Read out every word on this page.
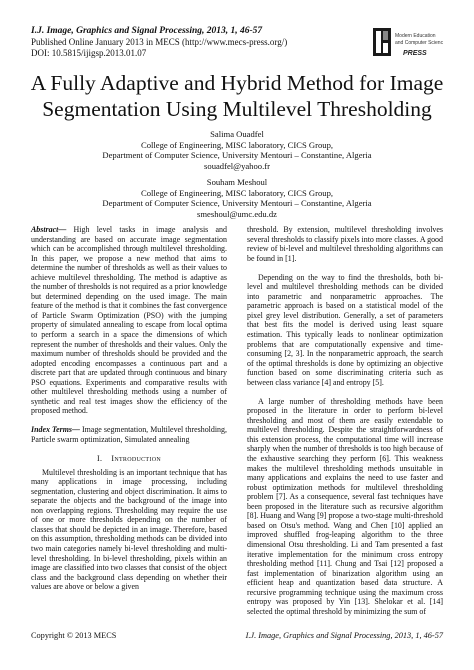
I.J. Image, Graphics and Signal Processing, 2013, 1, 46-57
Published Online January 2013 in MECS (http://www.mecs-press.org/)
DOI: 10.5815/ijigsp.2013.01.07
Modern Education
and Computer Science
PRESS
A Fully Adaptive and Hybrid Method for Image
Segmentation Using Multilevel Thresholding
Salima Ouadfel
College of Engineering, MISC laboratory, CICS Group,
Department of Computer Science, University Mentouri – Constantine, Algeria
souadfel@yahoo.fr
Souham Meshoul
College of Engineering, MISC laboratory, CICS Group,
Department of Computer Science, University Mentouri – Constantine, Algeria
smeshoul@umc.edu.dz

Abstract— High level tasks in image analysis and understanding are based on accurate image segmentation which can be accomplished through multilevel thresholding. In this paper, we propose a new method that aims to determine the number of thresholds as well as their values to achieve multilevel thresholding. The method is adaptive as the number of thresholds is not required as a prior knowledge but determined depending on the used image. The main feature of the method is that it combines the fast convergence of Particle Swarm Optimization (PSO) with the jumping property of simulated annealing to escape from local optima to perform a search in a space the dimensions of which represent the number of thresholds and their values. Only the maximum number of thresholds should be provided and the adopted encoding encompasses a continuous part and a discrete part that are updated through continuous and binary PSO equations. Experiments and comparative results with other multilevel thresholding methods using a number of synthetic and real test images show the efficiency of the proposed method.

Index Terms— Image segmentation, Multilevel thresholding, Particle swarm optimization, Simulated annealing

I. Introduction

Multilevel thresholding is an important technique that has many applications in image processing, including segmentation, clustering and object discrimination. It aims to separate the objects and the background of the image into non overlapping regions. Thresholding may require the use of one or more thresholds depending on the number of classes that should be depicted in an image. Therefore, based on this assumption, thresholding methods can be divided into two main categories namely bi-level thresholding and multi-level thresholding. In bi-level thresholding, pixels within an image are classified into two classes that consist of the object class and the background class depending on whether their values are above or below a given

threshold. By extension, multilevel thresholding involves several thresholds to classify pixels into more classes. A good review of bi-level and multilevel thresholding algorithms can be found in [1].

Depending on the way to find the thresholds, both bi-level and multilevel thresholding methods can be divided into parametric and nonparametric approaches. The parametric approach is based on a statistical model of the pixel grey level distribution. Generally, a set of parameters that best fits the model is derived using least square estimation. This typically leads to nonlinear optimization problems that are computationally expensive and time-consuming [2, 3]. In the nonparametric approach, the search of the optimal thresholds is done by optimizing an objective function based on some discriminating criteria such as between class variance [4] and entropy [5].

A large number of thresholding methods have been proposed in the literature in order to perform bi-level thresholding and most of them are easily extendable to multilevel thresholding. Despite the straightforwardness of this extension process, the computational time will increase sharply when the number of thresholds is too high because of the exhaustive searching they perform [6]. This weakness makes the multilevel thresholding methods unsuitable in many applications and explains the need to use faster and robust optimization methods for multilevel thresholding problem [7]. As a consequence, several fast techniques have been proposed in the literature such as recursive algorithm [8]. Huang and Wang [9] propose a two-stage multi-threshold based on Otsu's method. Wang and Chen [10] applied an improved shuffled frog-leaping algorithm to the three dimensional Otsu thresholding. Li and Tam presented a fast iterative implementation for the minimum cross entropy thresholding method [11]. Chung and Tsai [12] proposed a fast implementation of binarization algorithm using an efficient heap and quantization based data structure. A recursive programming technique using the maximum cross entropy was proposed by Yin [13]. Shelokar et al. [14] selected the optimal threshold by minimizing the sum of

Copyright © 2013 MECS	I.J. Image, Graphics and Signal Processing, 2013, 1, 46-57
